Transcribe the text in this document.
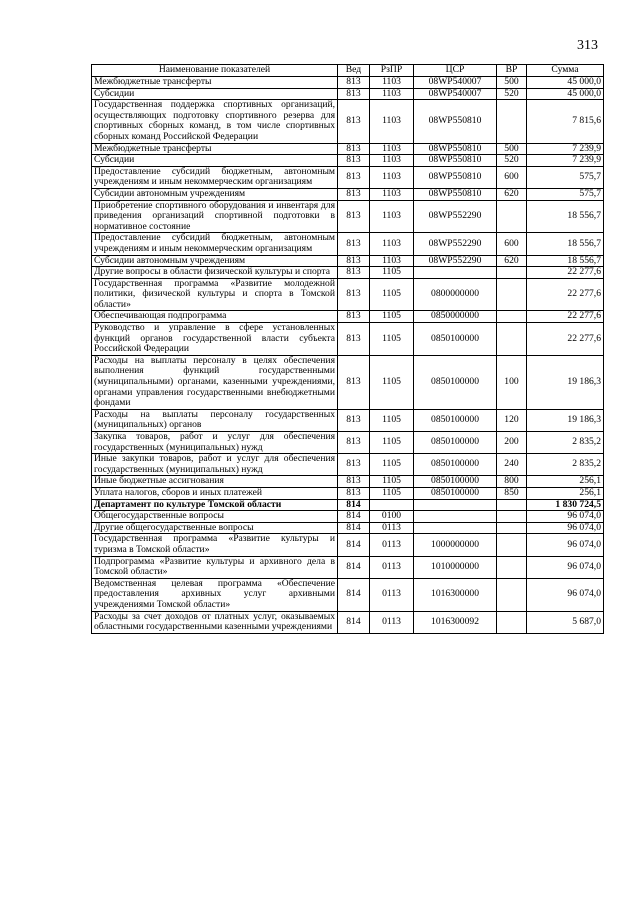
313
Наименование показателей	Вед	РзПР	ЦСР	ВР	Сумма
Межбюджетные трансферты	813	1103	08WP540007	500	45 000,0
Субсидии	813	1103	08WP540007	520	45 000,0
Государственная поддержка спортивных организаций, осуществляющих подготовку спортивного резерва для спортивных сборных команд, в том числе спортивных сборных команд Российской Федерации	813	1103	08WP550810		7 815,6
Межбюджетные трансферты	813	1103	08WP550810	500	7 239,9
Субсидии	813	1103	08WP550810	520	7 239,9
Предоставление субсидий бюджетным, автономным учреждениям и иным некоммерческим организациям	813	1103	08WP550810	600	575,7
Субсидии автономным учреждениям	813	1103	08WP550810	620	575,7
Приобретение спортивного оборудования и инвентаря для приведения организаций спортивной подготовки в нормативное состояние	813	1103	08WP552290		18 556,7
Предоставление субсидий бюджетным, автономным учреждениям и иным некоммерческим организациям	813	1103	08WP552290	600	18 556,7
Субсидии автономным учреждениям	813	1103	08WP552290	620	18 556,7
Другие вопросы в области физической культуры и спорта	813	1105			22 277,6
Государственная программа «Развитие молодежной политики, физической культуры и спорта в Томской области»	813	1105	0800000000		22 277,6
Обеспечивающая подпрограмма	813	1105	0850000000		22 277,6
Руководство и управление в сфере установленных функций органов государственной власти субъекта Российской Федерации	813	1105	0850100000		22 277,6
Расходы на выплаты персоналу в целях обеспечения выполнения функций государственными (муниципальными) органами, казенными учреждениями, органами управления государственными внебюджетными фондами	813	1105	0850100000	100	19 186,3
Расходы на выплаты персоналу государственных (муниципальных) органов	813	1105	0850100000	120	19 186,3
Закупка товаров, работ и услуг для обеспечения государственных (муниципальных) нужд	813	1105	0850100000	200	2 835,2
Иные закупки товаров, работ и услуг для обеспечения государственных (муниципальных) нужд	813	1105	0850100000	240	2 835,2
Иные бюджетные ассигнования	813	1105	0850100000	800	256,1
Уплата налогов, сборов и иных платежей	813	1105	0850100000	850	256,1
Департамент по культуре Томской области	814				1 830 724,5
Общегосударственные вопросы	814	0100			96 074,0
Другие общегосударственные вопросы	814	0113			96 074,0
Государственная программа «Развитие культуры и туризма в Томской области»	814	0113	1000000000		96 074,0
Подпрограмма «Развитие культуры и архивного дела в Томской области»	814	0113	1010000000		96 074,0
Ведомственная целевая программа «Обеспечение предоставления архивных услуг архивными учреждениями Томской области»	814	0113	1016300000		96 074,0
Расходы за счет доходов от платных услуг, оказываемых областными государственными казенными учреждениями	814	0113	1016300092		5 687,0
